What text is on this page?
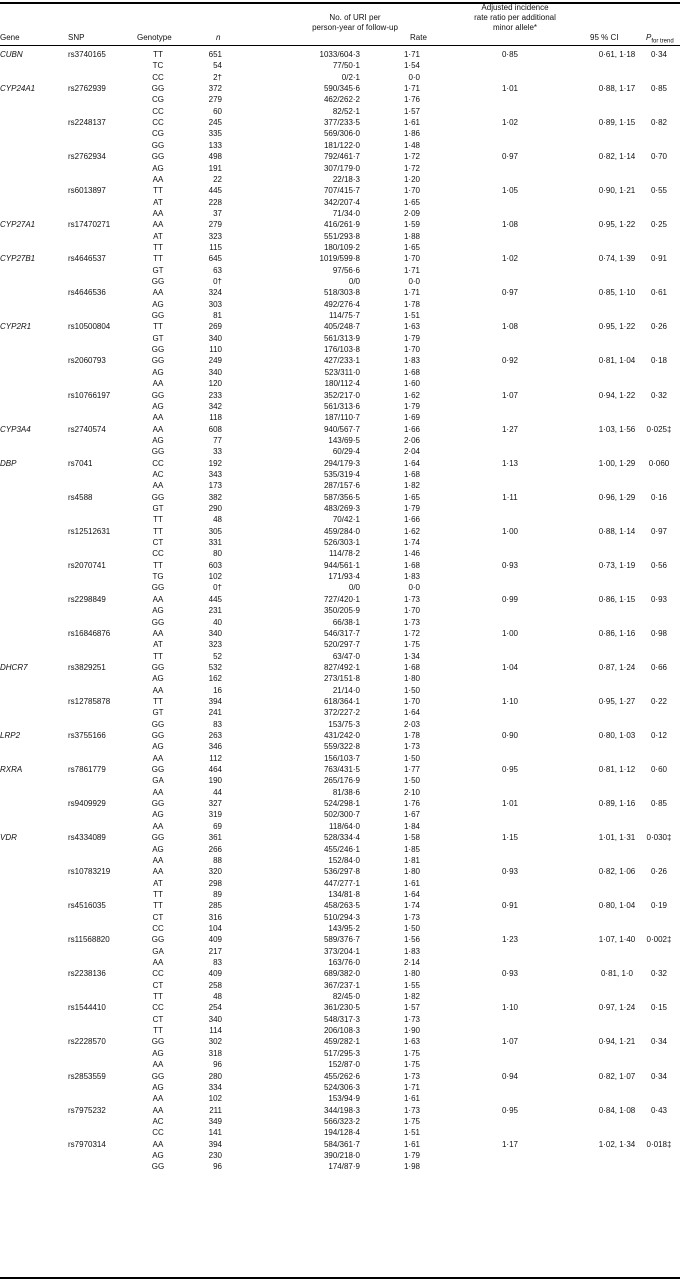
Gene	SNP	Genotype	n
No. of URI per
person-year of follow-up
Rate
Adjusted incidence
rate ratio per additional
minor allele*
95 % CI	$P_{for trend}$
CUBN	rs3740165	TT	651	1033/604·3	1·71	0·85	0·61, 1·18	0·34
TC	54	77/50·1	1·54
CC	2†	0/2·1	0·0
CYP24A1	rs2762939	GG	372	590/345·6	1·71	1·01	0·88, 1·17	0·85
CG	279	462/262·2	1·76
CC	60	82/52·1	1·57
rs2248137	CC	245	377/233·5	1·61	1·02	0·89, 1·15	0·82
CG	335	569/306·0	1·86
GG	133	181/122·0	1·48
rs2762934	GG	498	792/461·7	1·72	0·97	0·82, 1·14	0·70
AG	191	307/179·0	1·72
AA	22	22/18·3	1·20
rs6013897	TT	445	707/415·7	1·70	1·05	0·90, 1·21	0·55
AT	228	342/207·4	1·65
AA	37	71/34·0	2·09
CYP27A1	rs17470271	AA	279	416/261·9	1·59	1·08	0·95, 1·22	0·25
AT	323	551/293·8	1·88
TT	115	180/109·2	1·65
CYP27B1	rs4646537	TT	645	1019/599·8	1·70	1·02	0·74, 1·39	0·91
GT	63	97/56·6	1·71
GG	0†	0/0	0·0
rs4646536	AA	324	518/303·8	1·71	0·97	0·85, 1·10	0·61
AG	303	492/276·4	1·78
GG	81	114/75·7	1·51
CYP2R1	rs10500804	TT	269	405/248·7	1·63	1·08	0·95, 1·22	0·26
GT	340	561/313·9	1·79
GG	110	176/103·8	1·70
rs2060793	GG	249	427/233·1	1·83	0·92	0·81, 1·04	0·18
AG	340	523/311·0	1·68
AA	120	180/112·4	1·60
rs10766197	GG	233	352/217·0	1·62	1·07	0·94, 1·22	0·32
AG	342	561/313·6	1·79
AA	118	187/110·7	1·69
CYP3A4	rs2740574	AA	608	940/567·7	1·66	1·27	1·03, 1·56	0·025‡
AG	77	143/69·5	2·06
GG	33	60/29·4	2·04
DBP	rs7041	CC	192	294/179·3	1·64	1·13	1·00, 1·29	0·060
AC	343	535/319·4	1·68
AA	173	287/157·6	1·82
rs4588	GG	382	587/356·5	1·65	1·11	0·96, 1·29	0·16
GT	290	483/269·3	1·79
TT	48	70/42·1	1·66
rs12512631	TT	305	459/284·0	1·62	1·00	0·88, 1·14	0·97
CT	331	526/303·1	1·74
CC	80	114/78·2	1·46
rs2070741	TT	603	944/561·1	1·68	0·93	0·73, 1·19	0·56
TG	102	171/93·4	1·83
GG	0†	0/0	0·0
rs2298849	AA	445	727/420·1	1·73	0·99	0·86, 1·15	0·93
AG	231	350/205·9	1·70
GG	40	66/38·1	1·73
rs16846876	AA	340	546/317·7	1·72	1·00	0·86, 1·16	0·98
AT	323	520/297·7	1·75
TT	52	63/47·0	1·34
DHCR7	rs3829251	GG	532	827/492·1	1·68	1·04	0·87, 1·24	0·66
AG	162	273/151·8	1·80
AA	16	21/14·0	1·50
rs12785878	TT	394	618/364·1	1·70	1·10	0·95, 1·27	0·22
GT	241	372/227·2	1·64
GG	83	153/75·3	2·03
LRP2	rs3755166	GG	263	431/242·0	1·78	0·90	0·80, 1·03	0·12
AG	346	559/322·8	1·73
AA	112	156/103·7	1·50
RXRA	rs7861779	GG	464	763/431·5	1·77	0·95	0·81, 1·12	0·60
GA	190	265/176·9	1·50
AA	44	81/38·6	2·10
rs9409929	GG	327	524/298·1	1·76	1·01	0·89, 1·16	0·85
AG	319	502/300·7	1·67
AA	69	118/64·0	1·84
VDR	rs4334089	GG	361	528/334·4	1·58	1·15	1·01, 1·31	0·030‡
AG	266	455/246·1	1·85
AA	88	152/84·0	1·81
rs10783219	AA	320	536/297·8	1·80	0·93	0·82, 1·06	0·26
AT	298	447/277·1	1·61
TT	89	134/81·8	1·64
rs4516035	TT	285	458/263·5	1·74	0·91	0·80, 1·04	0·19
CT	316	510/294·3	1·73
CC	104	143/95·2	1·50
rs11568820	GG	409	589/376·7	1·56	1·23	1·07, 1·40	0·002‡
GA	217	373/204·1	1·83
AA	83	163/76·0	2·14
rs2238136	CC	409	689/382·0	1·80	0·93	0·81, 1·0	0·32
CT	258	367/237·1	1·55
TT	48	82/45·0	1·82
rs1544410	CC	254	361/230·5	1·57	1·10	0·97, 1·24	0·15
CT	340	548/317·3	1·73
TT	114	206/108·3	1·90
rs2228570	GG	302	459/282·1	1·63	1·07	0·94, 1·21	0·34
AG	318	517/295·3	1·75
AA	96	152/87·0	1·75
rs2853559	GG	280	455/262·6	1·73	0·94	0·82, 1·07	0·34
AG	334	524/306·3	1·71
AA	102	153/94·9	1·61
rs7975232	AA	211	344/198·3	1·73	0·95	0·84, 1·08	0·43
AC	349	566/323·2	1·75
CC	141	194/128·4	1·51
rs7970314	AA	394	584/361·7	1·61	1·17	1·02, 1·34	0·018‡
AG	230	390/218·0	1·79
GG	96	174/87·9	1·98
